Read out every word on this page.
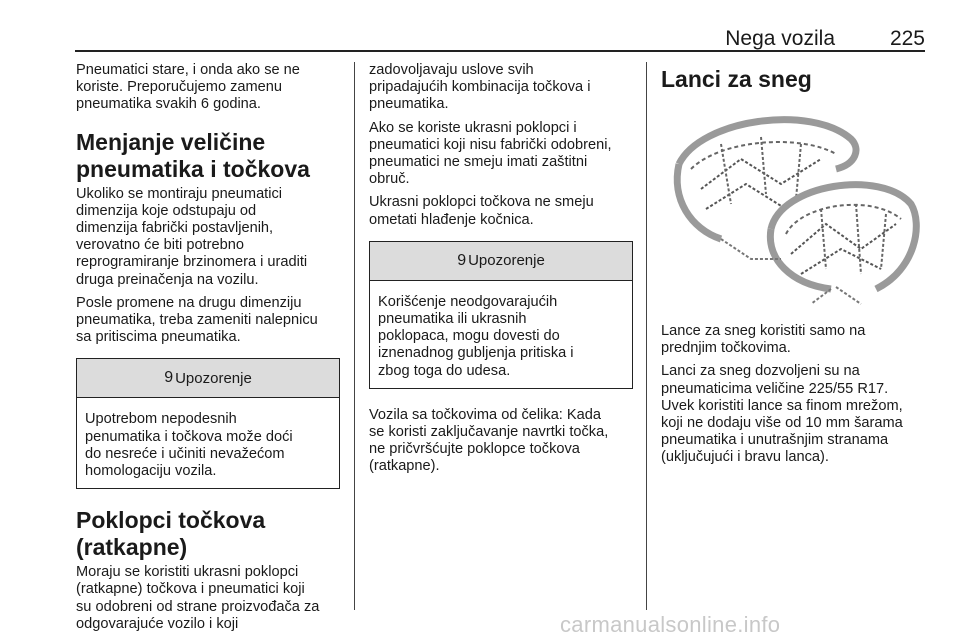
Nega vozila	225

Pneumatici stare, i onda ako se ne
koriste. Preporučujemo zamenu
pneumatika svakih 6 godina.

Menjanje veličine
pneumatika i točkova

Ukoliko se montiraju pneumatici
dimenzija koje odstupaju od
dimenzija fabrički postavljenih,
verovatno će biti potrebno
reprogramiranje brzinomera i uraditi
druga preinačenja na vozilu.

Posle promene na drugu dimenziju
pneumatika, treba zameniti nalepnicu
sa pritiscima pneumatika.

9 Upozorenje
Upotrebom nepodesnih
penumatika i točkova može doći
do nesreće i učiniti nevažećom
homologaciju vozila.
Poklopci točkova (ratkapne)

Moraju se koristiti ukrasni poklopci
(ratkapne) točkova i pneumatici koji
su odobreni od strane proizvođača za
odgovarajuće vozilo i koji

zadovoljavaju uslove svih
pripadajućih kombinacija točkova i
pneumatika.

Ako se koriste ukrasni poklopci i
pneumatici koji nisu fabrički odobreni,
pneumatici ne smeju imati zaštitni
obruč.

Ukrasni poklopci točkova ne smeju
ometati hlađenje kočnica.

9 Upozorenje
Korišćenje neodgovarajućih
pneumatika ili ukrasnih
poklopaca, mogu dovesti do
iznenadnog gubljenja pritiska i
zbog toga do udesa.

Vozila sa točkovima od čelika: Kada
se koristi zaključavanje navrtki točka,
ne pričvršćujte poklopce točkova
(ratkapne).

Lanci za sneg

Lance za sneg koristiti samo na
prednjim točkovima.

Lanci za sneg dozvoljeni su na
pneumaticima veličine 225/55 R17.
Uvek koristiti lance sa finom mrežom,
koji ne dodaju više od 10 mm šarama
pneumatika i unutrašnjim stranama
(uključujući i bravu lanca).

carmanualsonline.info
